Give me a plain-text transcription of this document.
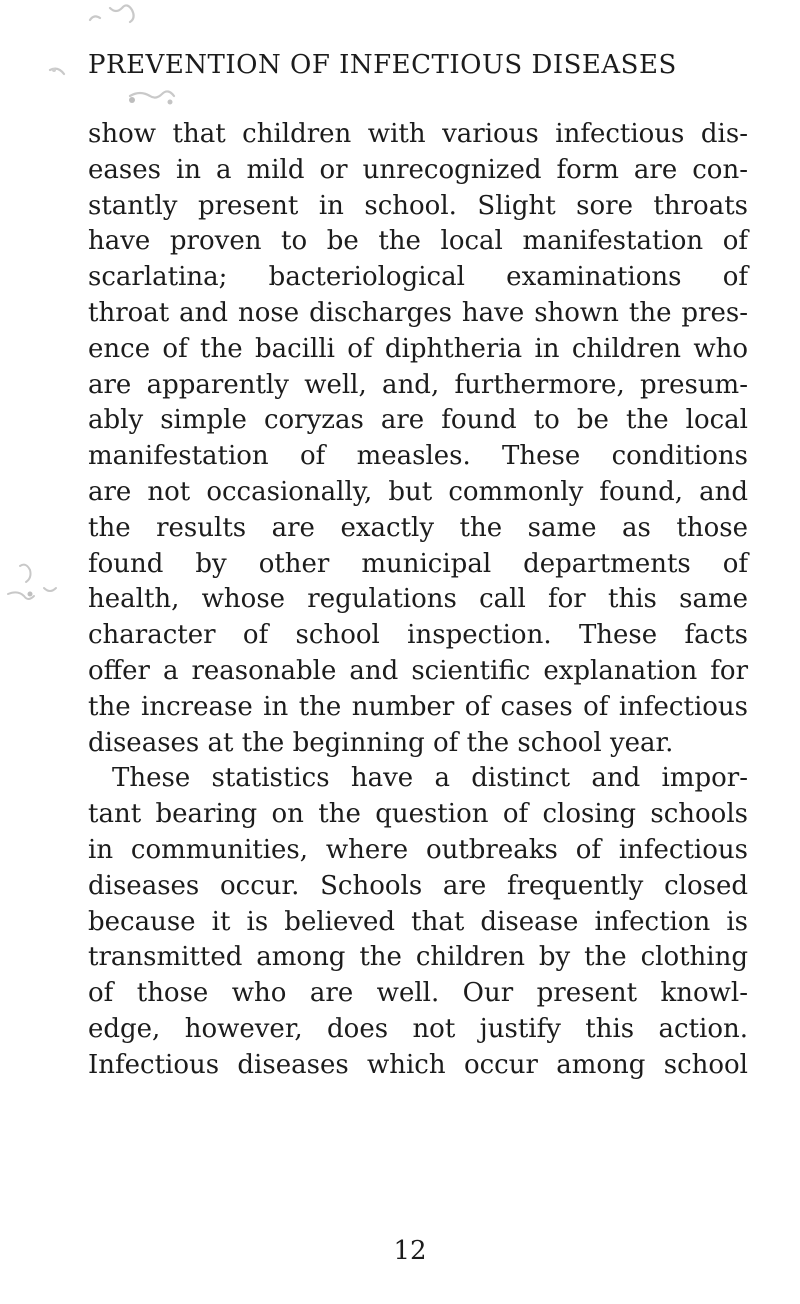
PREVENTION OF INFECTIOUS DISEASES
show that children with various infectious dis-
eases in a mild or unrecognized form are con-
stantly present in school. Slight sore throats
have proven to be the local manifestation of
scarlatina; bacteriological examinations of
throat and nose discharges have shown the pres-
ence of the bacilli of diphtheria in children who
are apparently well, and, furthermore, presum-
ably simple coryzas are found to be the local
manifestation of measles. These conditions
are not occasionally, but commonly found, and
the results are exactly the same as those
found by other municipal departments of
health, whose regulations call for this same
character of school inspection. These facts
offer a reasonable and scientific explanation for
the increase in the number of cases of infectious
diseases at the beginning of the school year.
These statistics have a distinct and impor-
tant bearing on the question of closing schools
in communities, where outbreaks of infectious
diseases occur. Schools are frequently closed
because it is believed that disease infection is
transmitted among the children by the clothing
of those who are well. Our present knowl-
edge, however, does not justify this action.
Infectious diseases which occur among school
12
